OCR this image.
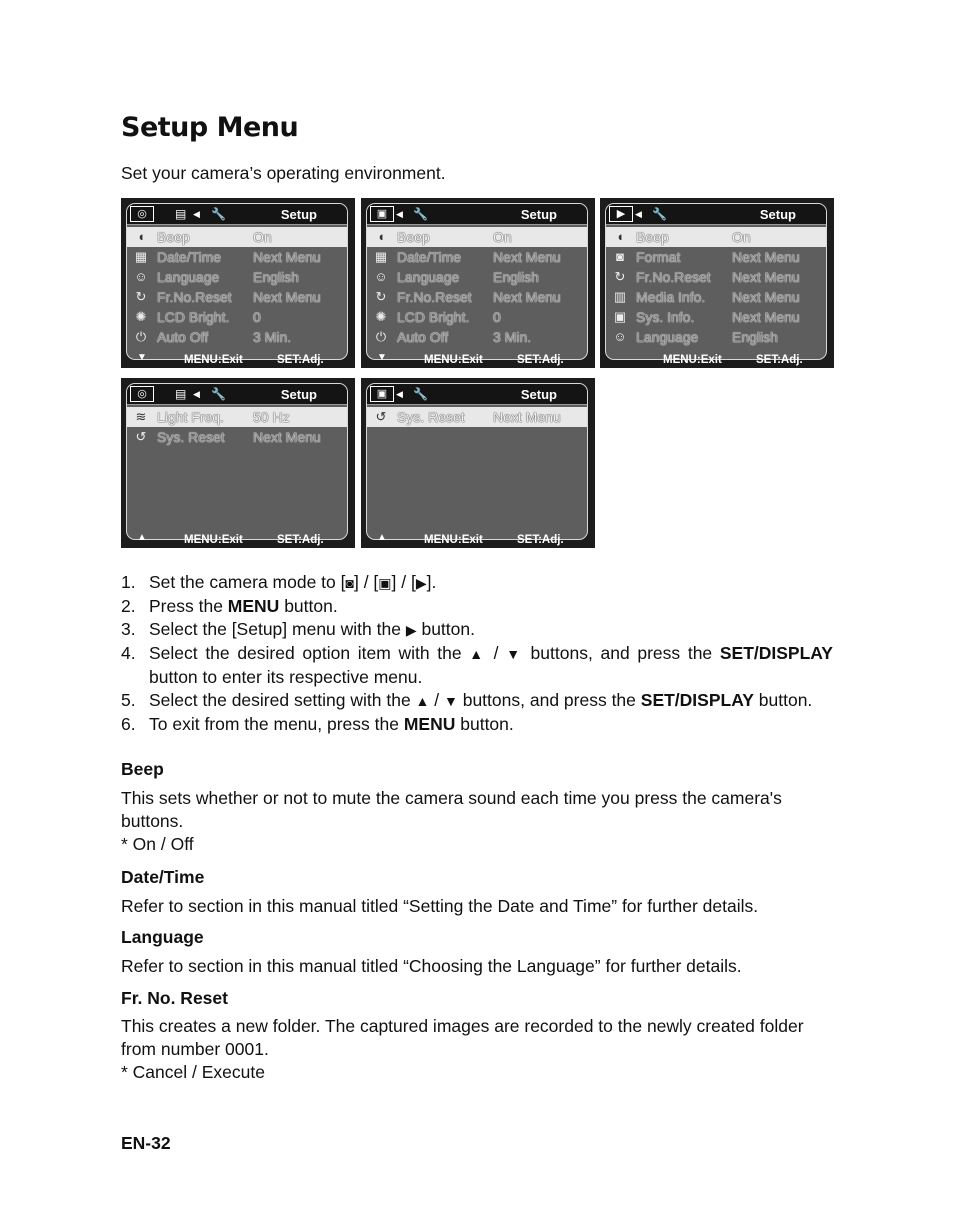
Setup Menu

Set your camera’s operating environment.

◎	▤ ◀ 🔧	Setup
◖ Beep	On
▦ Date/Time Next Menu
☺ Language English
↻ Fr.No.Reset Next Menu
✺ LCD Bright. 0
⏻ Auto Off	3 Min.
▼	MENU:Exit	SET:Adj.
▣ ◀ 🔧	Setup
◖ Beep	On
▦ Date/Time Next Menu
☺ Language English
↻ Fr.No.Reset Next Menu
✺ LCD Bright. 0
⏻ Auto Off	3 Min.
▼	MENU:Exit	SET:Adj.
▶	◀ 🔧	Setup
◖ Beep	On
◙ Format	Next Menu
↻ Fr.No.Reset Next Menu
▥ Media Info. Next Menu
▣ Sys. Info.	Next Menu
☺ Language English
MENU:Exit	SET:Adj.
◎	▤ ◀ 🔧	Setup
≋ Light Freq. 50 Hz
↺ Sys. Reset Next Menu
▲	MENU:Exit	SET:Adj.
▣ ◀ 🔧	Setup
↺ Sys. Reset Next Menu
▲	MENU:Exit	SET:Adj.
1. Set the camera mode to [◙] / [▣] / [▶].
2. Press the MENU button.
3. Select the [Setup] menu with the ▶ button.
4. Select the desired option item with the ▲ / ▼ buttons, and press the SET/DISPLAY button to enter its respective menu.
5. Select the desired setting with the ▲ / ▼ buttons, and press the SET/DISPLAY button.
6. To exit from the menu, press the MENU button.
Beep

This sets whether or not to mute the camera sound each time you press the camera's buttons.
* On / Off

Date/Time

Refer to section in this manual titled “Setting the Date and Time” for further details.

Language

Refer to section in this manual titled “Choosing the Language” for further details.

Fr. No. Reset

This creates a new folder. The captured images are recorded to the newly created folder from number 0001.
* Cancel / Execute

EN-32
